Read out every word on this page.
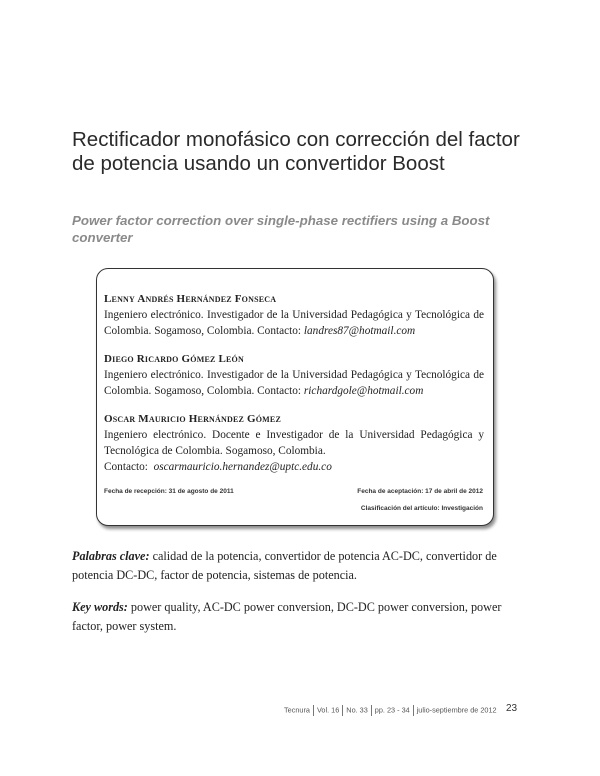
Rectificador monofásico con corrección del factor de potencia usando un convertidor Boost
Power factor correction over single-phase rectifiers using a Boost converter
Lenny Andrés Hernández Fonseca
Ingeniero electrónico. Investigador de la Universidad Pedagógica y Tecnológica de Colombia. Sogamoso, Colombia. Contacto: landres87@hotmail.com
Diego Ricardo Gómez León
Ingeniero electrónico. Investigador de la Universidad Pedagógica y Tecnológica de Colombia. Sogamoso, Colombia. Contacto: richardgole@hotmail.com
Oscar Mauricio Hernández Gómez
Ingeniero electrónico. Docente e Investigador de la Universidad Pedagógica y Tecnológica de Colombia. Sogamoso, Colombia.
Contacto: oscarmauricio.hernandez@uptc.edu.co
Fecha de recepción: 31 de agosto de 2011	Fecha de aceptación: 17 de abril de 2012
Clasificación del artículo: Investigación
Palabras clave: calidad de la potencia, convertidor de potencia AC-DC, convertidor de potencia DC-DC, factor de potencia, sistemas de potencia.
Key words: power quality, AC-DC power conversion, DC-DC power conversion, power factor, power system.
Tecnura Vol. 16 No. 33 pp. 23 - 34 julio-septiembre de 2012 23
